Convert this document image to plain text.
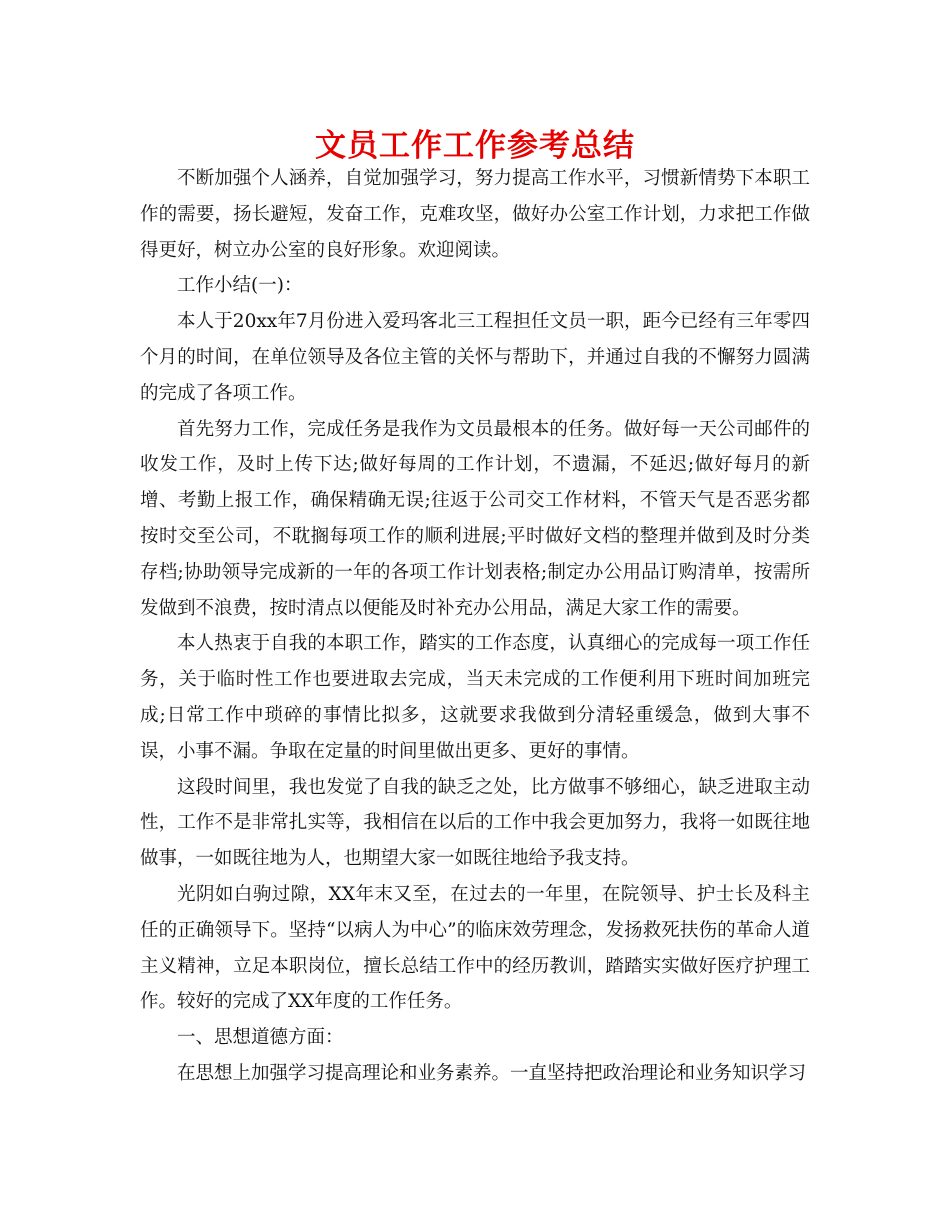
文员工作工作参考总结

不断加强个人涵养，自觉加强学习，努力提高工作水平，习惯新情势下本职工作的需要，扬长避短，发奋工作，克难攻坚，做好办公室工作计划，力求把工作做得更好，树立办公室的良好形象。欢迎阅读。

工作小结(一)：

本人于20xx年7月份进入爱玛客北三工程担任文员一职，距今已经有三年零四个月的时间，在单位领导及各位主管的关怀与帮助下，并通过自我的不懈努力圆满的完成了各项工作。

首先努力工作，完成任务是我作为文员最根本的任务。做好每一天公司邮件的收发工作，及时上传下达;做好每周的工作计划，不遗漏，不延迟;做好每月的新增、考勤上报工作，确保精确无误;往返于公司交工作材料，不管天气是否恶劣都按时交至公司，不耽搁每项工作的顺利进展;平时做好文档的整理并做到及时分类存档;协助领导完成新的一年的各项工作计划表格;制定办公用品订购清单，按需所发做到不浪费，按时清点以便能及时补充办公用品，满足大家工作的需要。

本人热衷于自我的本职工作，踏实的工作态度，认真细心的完成每一项工作任务，关于临时性工作也要进取去完成，当天未完成的工作便利用下班时间加班完成;日常工作中琐碎的事情比拟多，这就要求我做到分清轻重缓急，做到大事不误，小事不漏。争取在定量的时间里做出更多、更好的事情。

这段时间里，我也发觉了自我的缺乏之处，比方做事不够细心，缺乏进取主动性，工作不是非常扎实等，我相信在以后的工作中我会更加努力，我将一如既往地做事，一如既往地为人，也期望大家一如既往地给予我支持。

光阴如白驹过隙，XX年末又至，在过去的一年里，在院领导、护士长及科主任的正确领导下。坚持“以病人为中心”的临床效劳理念，发扬救死扶伤的革命人道主义精神，立足本职岗位，擅长总结工作中的经历教训，踏踏实实做好医疗护理工作。较好的完成了XX年度的工作任务。

一、思想道德方面：

在思想上加强学习提高理论和业务素养。一直坚持把政治理论和业务知识学习
